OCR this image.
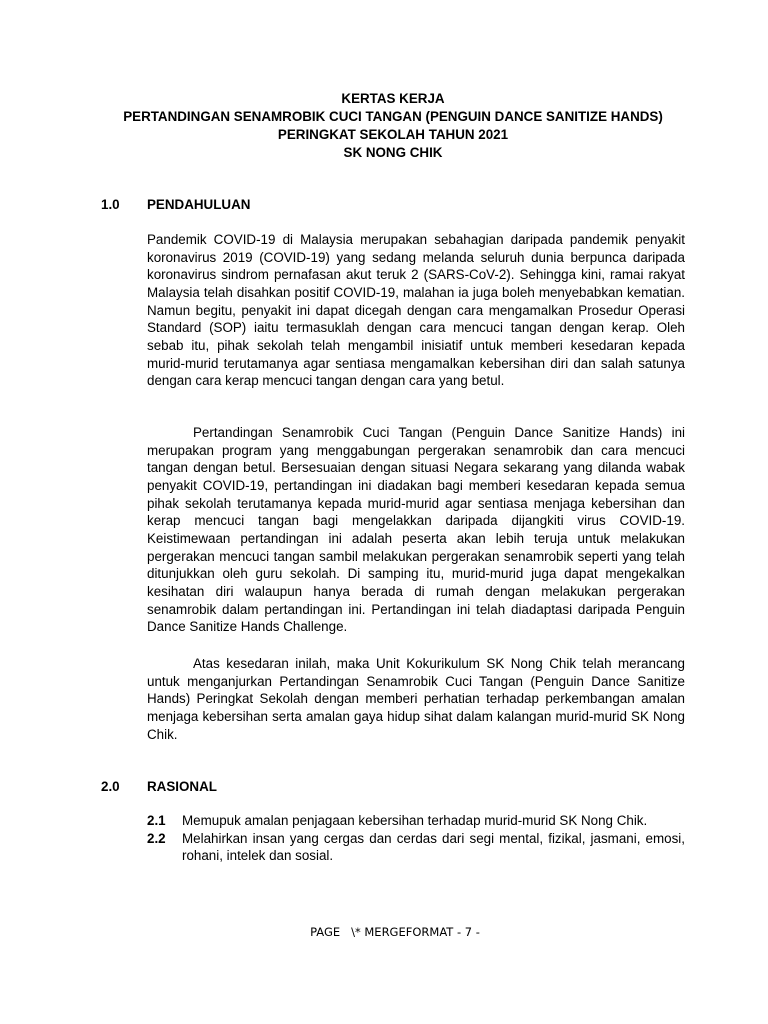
KERTAS KERJA
PERTANDINGAN SENAMROBIK CUCI TANGAN (PENGUIN DANCE SANITIZE HANDS)
PERINGKAT SEKOLAH TAHUN 2021
SK NONG CHIK
1.0 PENDAHULUAN

Pandemik COVID-19 di Malaysia merupakan sebahagian daripada pandemik penyakit koronavirus 2019 (COVID-19) yang sedang melanda seluruh dunia berpunca daripada koronavirus sindrom pernafasan akut teruk 2 (SARS-CoV-2). Sehingga kini, ramai rakyat Malaysia telah disahkan positif COVID-19, malahan ia juga boleh menyebabkan kematian. Namun begitu, penyakit ini dapat dicegah dengan cara mengamalkan Prosedur Operasi Standard (SOP) iaitu termasuklah dengan cara mencuci tangan dengan kerap. Oleh sebab itu, pihak sekolah telah mengambil inisiatif untuk memberi kesedaran kepada murid-murid terutamanya agar sentiasa mengamalkan kebersihan diri dan salah satunya dengan cara kerap mencuci tangan dengan cara yang betul.

Pertandingan Senamrobik Cuci Tangan (Penguin Dance Sanitize Hands) ini merupakan program yang menggabungan pergerakan senamrobik dan cara mencuci tangan dengan betul. Bersesuaian dengan situasi Negara sekarang yang dilanda wabak penyakit COVID-19, pertandingan ini diadakan bagi memberi kesedaran kepada semua pihak sekolah terutamanya kepada murid-murid agar sentiasa menjaga kebersihan dan kerap mencuci tangan bagi mengelakkan daripada dijangkiti virus COVID-19. Keistimewaan pertandingan ini adalah peserta akan lebih teruja untuk melakukan pergerakan mencuci tangan sambil melakukan pergerakan senamrobik seperti yang telah ditunjukkan oleh guru sekolah. Di samping itu, murid-murid juga dapat mengekalkan kesihatan diri walaupun hanya berada di rumah dengan melakukan pergerakan senamrobik dalam pertandingan ini. Pertandingan ini telah diadaptasi daripada Penguin Dance Sanitize Hands Challenge.

Atas kesedaran inilah, maka Unit Kokurikulum SK Nong Chik telah merancang untuk menganjurkan Pertandingan Senamrobik Cuci Tangan (Penguin Dance Sanitize Hands) Peringkat Sekolah dengan memberi perhatian terhadap perkembangan amalan menjaga kebersihan serta amalan gaya hidup sihat dalam kalangan murid-murid SK Nong Chik.

2.0 RASIONAL
2.1 Memupuk amalan penjagaan kebersihan terhadap murid-murid SK Nong Chik.
2.2 Melahirkan insan yang cergas dan cerdas dari segi mental, fizikal, jasmani, emosi, rohani, intelek dan sosial.
PAGE   \* MERGEFORMAT - 7 -
